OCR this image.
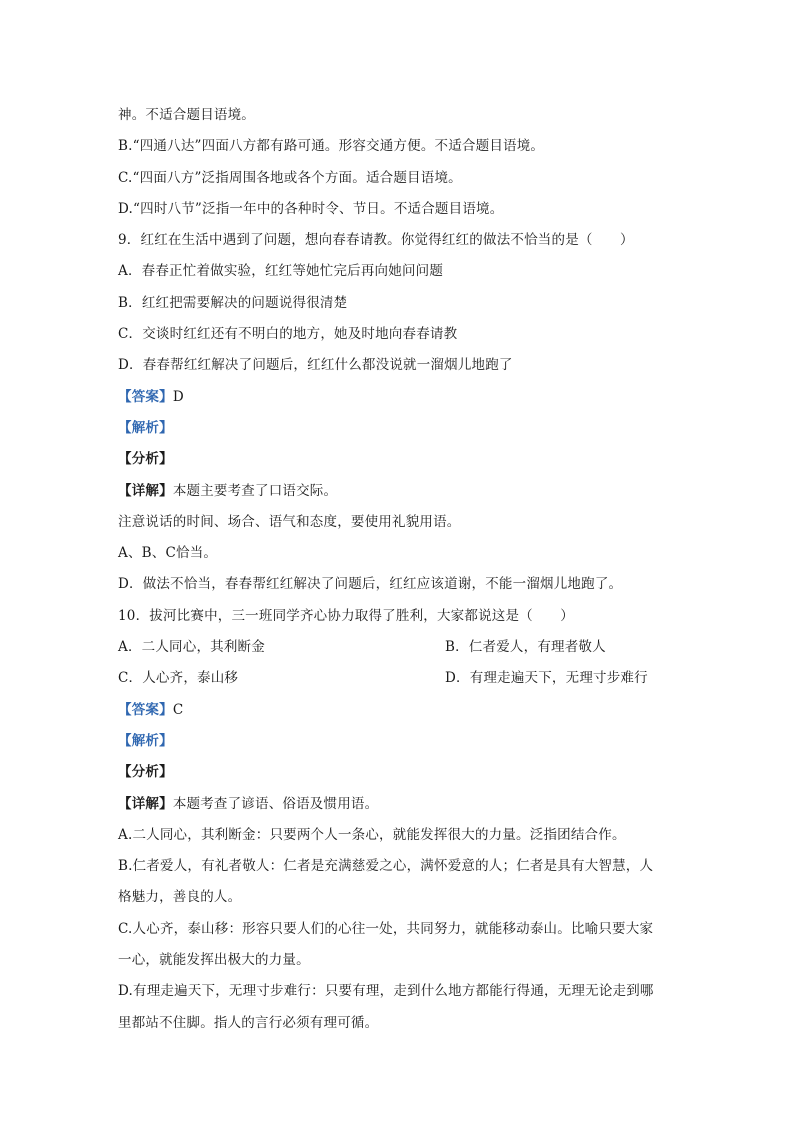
神。不适合题目语境。
B.“四通八达”四面八方都有路可通。形容交通方便。不适合题目语境。
C.“四面八方”泛指周围各地或各个方面。适合题目语境。
D.“四时八节”泛指一年中的各种时令、节日。不适合题目语境。
9．红红在生活中遇到了问题，想向春春请教。你觉得红红的做法不恰当的是（　　）
A．春春正忙着做实验，红红等她忙完后再向她问问题
B．红红把需要解决的问题说得很清楚
C．交谈时红红还有不明白的地方，她及时地向春春请教
D．春春帮红红解决了问题后，红红什么都没说就一溜烟儿地跑了
【答案】D
【解析】
【分析】
【详解】本题主要考查了口语交际。
注意说话的时间、场合、语气和态度，要使用礼貌用语。
A、B、C恰当。
D．做法不恰当，春春帮红红解决了问题后，红红应该道谢，不能一溜烟儿地跑了。
10．拔河比赛中，三一班同学齐心协力取得了胜利，大家都说这是（　　）
A．二人同心，其利断金	B．仁者爱人，有理者敬人
C．人心齐，泰山移	D．有理走遍天下，无理寸步难行
【答案】C
【解析】
【分析】
【详解】本题考查了谚语、俗语及惯用语。
A.二人同心，其利断金：只要两个人一条心，就能发挥很大的力量。泛指团结合作。
B.仁者爱人，有礼者敬人：仁者是充满慈爱之心，满怀爱意的人；仁者是具有大智慧，人
格魅力，善良的人。
C.人心齐，泰山移：形容只要人们的心往一处，共同努力，就能移动泰山。比喻只要大家
一心，就能发挥出极大的力量。
D.有理走遍天下，无理寸步难行：只要有理，走到什么地方都能行得通，无理无论走到哪
里都站不住脚。指人的言行必须有理可循。
